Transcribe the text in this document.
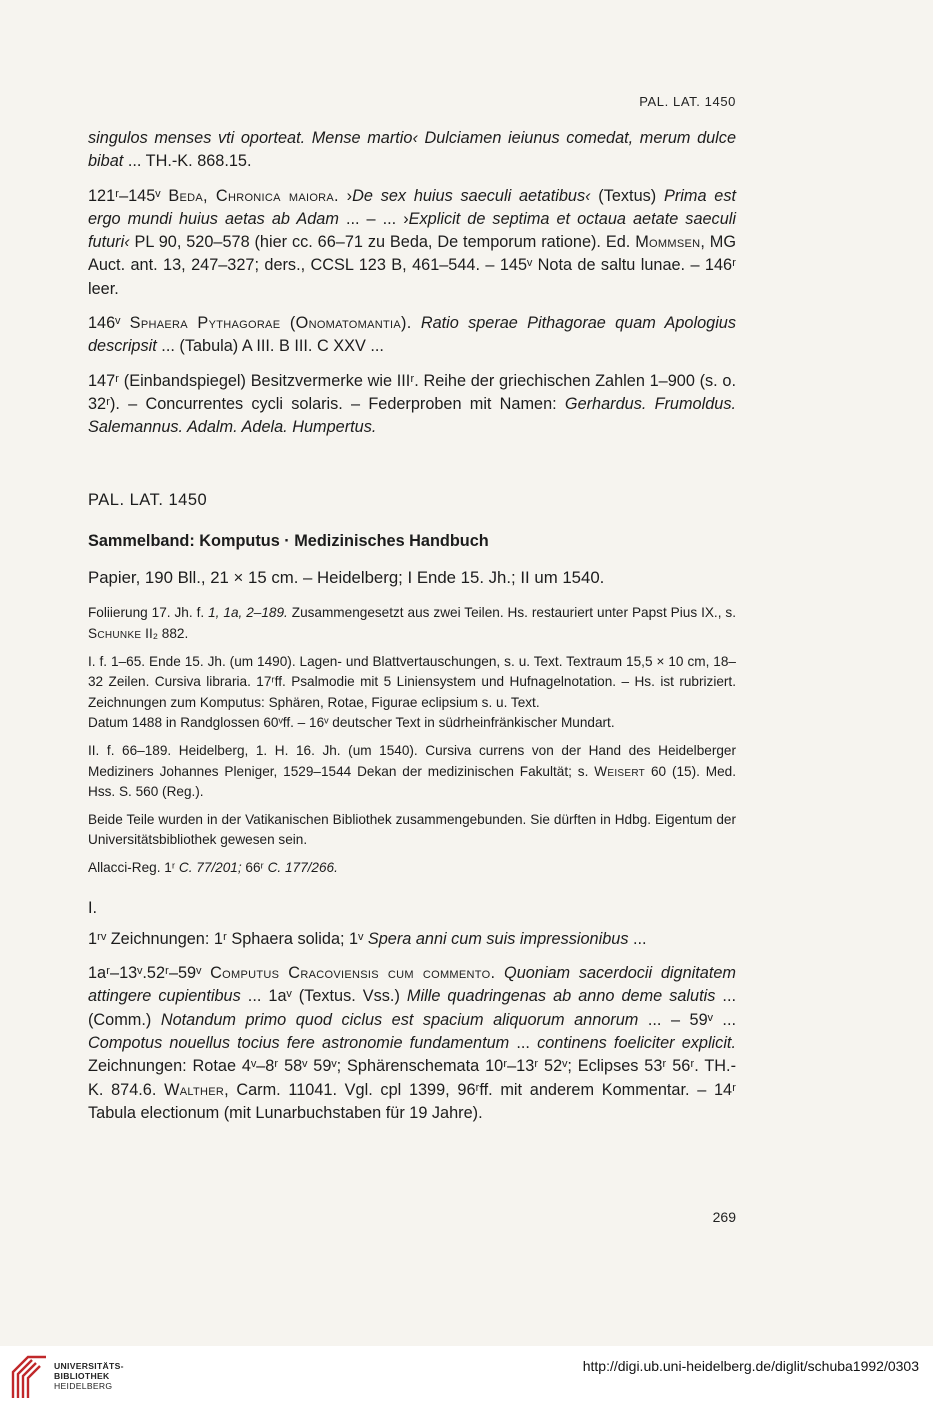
PAL. LAT. 1450

singulos menses vti oporteat. Mense martio‹ Dulciamen ieiunus comedat, merum dulce bibat ... TH.-K. 868.15.

121ʳ–145ᵛ Beda, Chronica maiora. ›De sex huius saeculi aetatibus‹ (Textus) Prima est ergo mundi huius aetas ab Adam ... – ... ›Explicit de septima et octaua aetate saeculi futuri‹ PL 90, 520–578 (hier cc. 66–71 zu Beda, De temporum ratione). Ed. Mommsen, MG Auct. ant. 13, 247–327; ders., CCSL 123 B, 461–544. – 145ᵛ Nota de saltu lunae. – 146ʳ leer.

146ᵛ Sphaera Pythagorae (Onomatomantia). Ratio sperae Pithagorae quam Apologius descripsit ... (Tabula) A III. B III. C XXV ...

147ʳ (Einbandspiegel) Besitzvermerke wie IIIʳ. Reihe der griechischen Zahlen 1–900 (s. o. 32ʳ). – Concurrentes cycli solaris. – Federproben mit Namen: Gerhardus. Frumoldus. Salemannus. Adalm. Adela. Humpertus.

PAL. LAT. 1450

Sammelband: Komputus · Medizinisches Handbuch

Papier, 190 Bll., 21 × 15 cm. – Heidelberg; I Ende 15. Jh.; II um 1540.

Foliierung 17. Jh. f. 1, 1a, 2–189. Zusammengesetzt aus zwei Teilen. Hs. restauriert unter Papst Pius IX., s. Schunke II₂ 882.

I. f. 1–65. Ende 15. Jh. (um 1490). Lagen- und Blattvertauschungen, s. u. Text. Textraum 15,5 × 10 cm, 18–32 Zeilen. Cursiva libraria. 17ʳff. Psalmodie mit 5 Liniensystem und Hufnagelnotation. – Hs. ist rubriziert. Zeichnungen zum Komputus: Sphären, Rotae, Figurae eclipsium s. u. Text.

Datum 1488 in Randglossen 60ᵛff. – 16ᵛ deutscher Text in südrheinfränkischer Mundart.

II. f. 66–189. Heidelberg, 1. H. 16. Jh. (um 1540). Cursiva currens von der Hand des Heidelberger Mediziners Johannes Pleniger, 1529–1544 Dekan der medizinischen Fakultät; s. Weisert 60 (15). Med. Hss. S. 560 (Reg.).

Beide Teile wurden in der Vatikanischen Bibliothek zusammengebunden. Sie dürften in Hdbg. Eigentum der Universitätsbibliothek gewesen sein.

Allacci-Reg. 1ʳ C. 77/201; 66ʳ C. 177/266.

I.

1ʳᵛ Zeichnungen: 1ʳ Sphaera solida; 1ᵛ Spera anni cum suis impressionibus ...

1aʳ–13ᵛ.52ʳ–59ᵛ Computus Cracoviensis cum commento. Quoniam sacerdocii dignitatem attingere cupientibus ... 1aᵛ (Textus. Vss.) Mille quadringenas ab anno deme salutis ... (Comm.) Notandum primo quod ciclus est spacium aliquorum annorum ... – 59ᵛ ... Compotus nouellus tocius fere astronomie fundamentum ... continens foeliciter explicit. Zeichnungen: Rotae 4ᵛ–8ʳ 58ᵛ 59ᵛ; Sphärenschemata 10ʳ–13ʳ 52ᵛ; Eclipses 53ʳ 56ʳ. TH.-K. 874.6. Walther, Carm. 11041. Vgl. cpl 1399, 96ʳff. mit anderem Kommentar. – 14ʳ Tabula electionum (mit Lunarbuchstaben für 19 Jahre).

269
UNIVERSITÄTS-
BIBLIOTHEK
HEIDELBERG
http://digi.ub.uni-heidelberg.de/diglit/schuba1992/0303
